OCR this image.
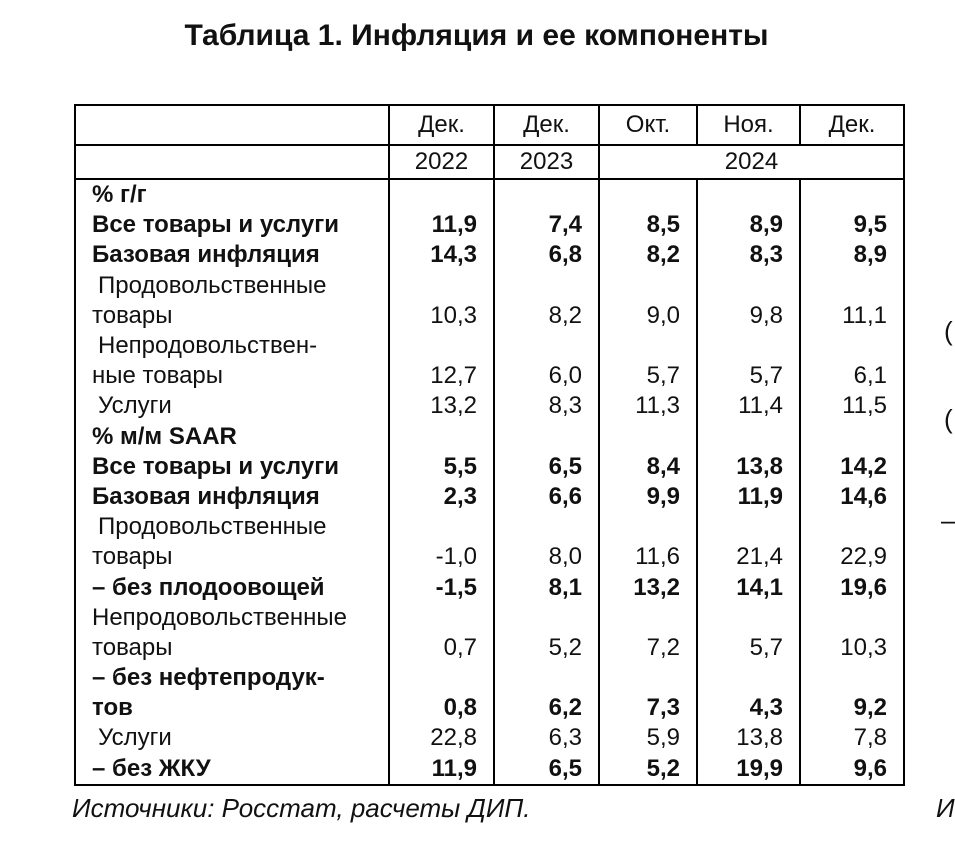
Таблица 1. Инфляция и ее компоненты
	Дек.	Дек.	Окт.	Ноя.	Дек.
	2022	2023	2024		
% г/г					
Все товары и услуги	11,9	7,4	8,5	8,9	9,5
Базовая инфляция	14,3	6,8	8,2	8,3	8,9
Продовольственные					
товары	10,3	8,2	9,0	9,8	11,1
Непродовольствен-					
ные товары	12,7	6,0	5,7	5,7	6,1
Услуги	13,2	8,3	11,3	11,4	11,5
% м/м SAAR					
Все товары и услуги	5,5	6,5	8,4	13,8	14,2
Базовая инфляция	2,3	6,6	9,9	11,9	14,6
Продовольственные					
товары	-1,0	8,0	11,6	21,4	22,9
– без плодоовощей	-1,5	8,1	13,2	14,1	19,6
Непродовольственные					
товары	0,7	5,2	7,2	5,7	10,3
– без нефтепродук-					
тов	0,8	6,2	7,3	4,3	9,2
Услуги	22,8	6,3	5,9	13,8	7,8
– без ЖКУ	11,9	6,5	5,2	19,9	9,6
Источники: Росстат, расчеты ДИП.
(
(
–
И
